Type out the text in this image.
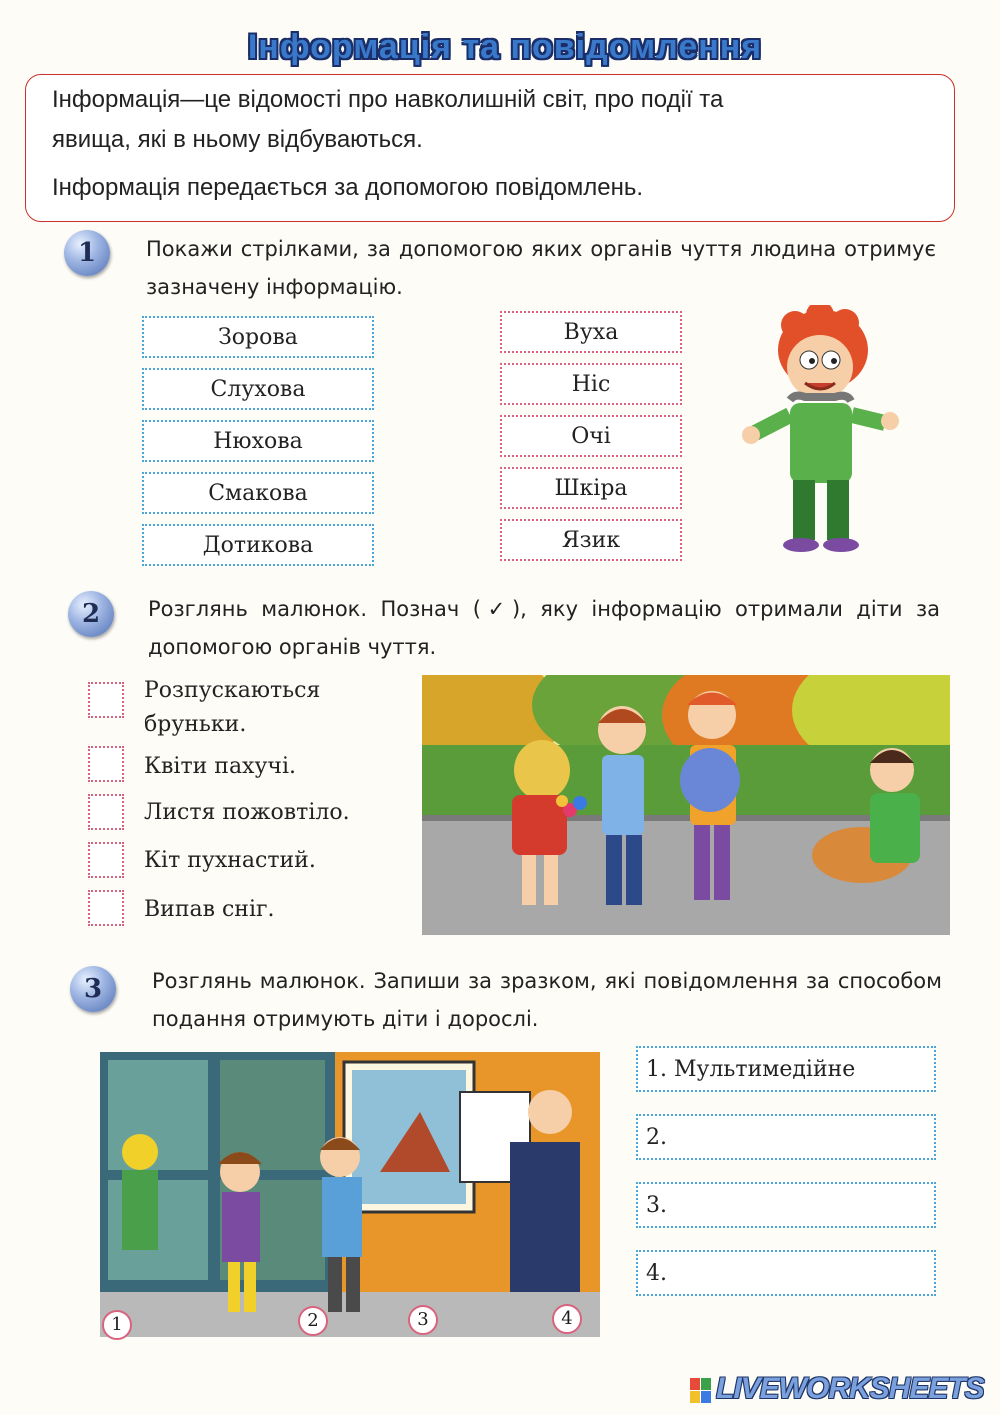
Інформація та повідомлення
Інформація—це відомості про навколишній світ, про події та
явища, які в ньому відбуваються.
Інформація передається за допомогою повідомлень.
1	Покажи стрілками, за допомогою яких органів чуття людина отримує зазначену інформацію.
Зорова
Слухова
Нюхова
Смакова
Дотикова
Вуха
Ніс
Очі
Шкіра
Язик
2	Розглянь малюнок. Познач (✓), яку інформацію отримали діти за допомогою органів чуття.
Розпускаються бруньки.
Квіти пахучі.
Листя пожовтіло.
Кіт пухнастий.
Випав сніг.
3	Розглянь малюнок. Запиши за зразком, які повідомлення за способом подання отримують діти і дорослі.
1	2	3	4
1. Мультимедійне
2.
3.
4.
LIVEWORKSHEETS
